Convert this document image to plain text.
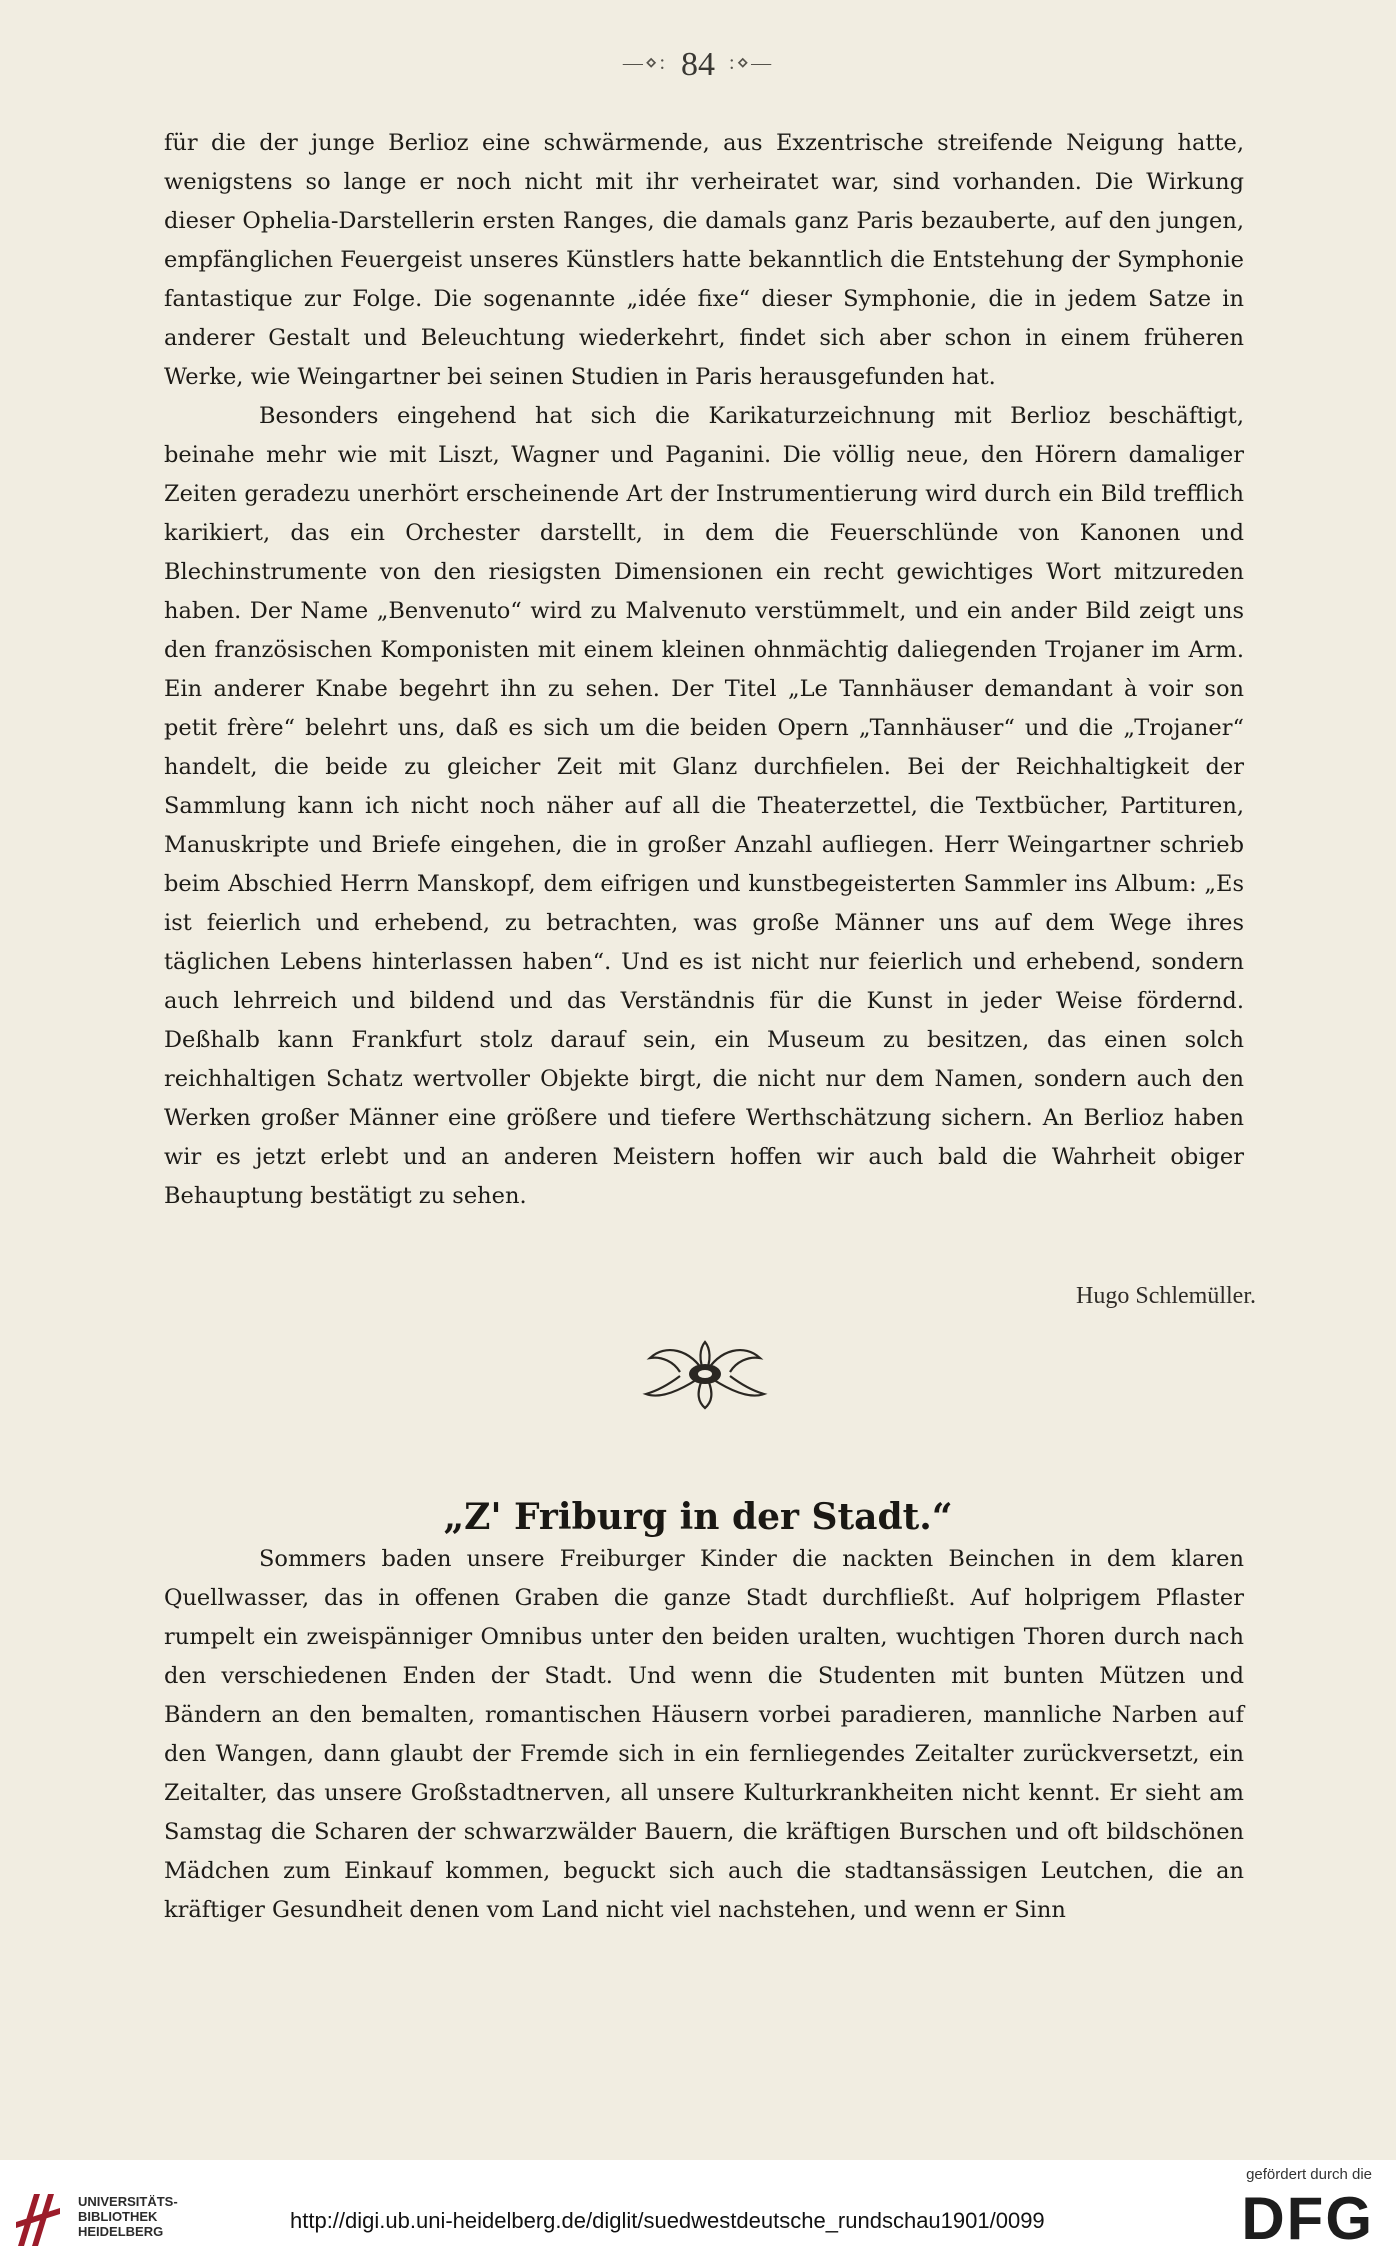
—⋄: 84 :⋄—

für die der junge Berlioz eine schwärmende, aus Exzentrische streifende Neigung hatte, wenigstens so lange er noch nicht mit ihr verheiratet war, sind vorhanden. Die Wirkung dieser Ophelia-Darstellerin ersten Ranges, die damals ganz Paris bezauberte, auf den jungen, empfänglichen Feuergeist unseres Künstlers hatte bekanntlich die Entstehung der Symphonie fantastique zur Folge. Die sogenannte „idée fixe“ dieser Symphonie, die in jedem Satze in anderer Gestalt und Beleuchtung wiederkehrt, findet sich aber schon in einem früheren Werke, wie Weingartner bei seinen Studien in Paris herausgefunden hat.

Besonders eingehend hat sich die Karikaturzeichnung mit Berlioz beschäftigt, beinahe mehr wie mit Liszt, Wagner und Paganini. Die völlig neue, den Hörern damaliger Zeiten geradezu unerhört erscheinende Art der Instrumentierung wird durch ein Bild trefflich karikiert, das ein Orchester darstellt, in dem die Feuerschlünde von Kanonen und Blechinstrumente von den riesigsten Dimensionen ein recht gewichtiges Wort mitzureden haben. Der Name „Benvenuto“ wird zu Malvenuto verstümmelt, und ein ander Bild zeigt uns den französischen Komponisten mit einem kleinen ohnmächtig daliegenden Trojaner im Arm. Ein anderer Knabe begehrt ihn zu sehen. Der Titel „Le Tannhäuser demandant à voir son petit frère“ belehrt uns, daß es sich um die beiden Opern „Tannhäuser“ und die „Trojaner“ handelt, die beide zu gleicher Zeit mit Glanz durchfielen. Bei der Reichhaltigkeit der Sammlung kann ich nicht noch näher auf all die Theaterzettel, die Textbücher, Partituren, Manuskripte und Briefe eingehen, die in großer Anzahl aufliegen. Herr Weingartner schrieb beim Abschied Herrn Manskopf, dem eifrigen und kunstbegeisterten Sammler ins Album: „Es ist feierlich und erhebend, zu betrachten, was große Männer uns auf dem Wege ihres täglichen Lebens hinterlassen haben“. Und es ist nicht nur feierlich und erhebend, sondern auch lehrreich und bildend und das Verständnis für die Kunst in jeder Weise fördernd. Deßhalb kann Frankfurt stolz darauf sein, ein Museum zu besitzen, das einen solch reichhaltigen Schatz wertvoller Objekte birgt, die nicht nur dem Namen, sondern auch den Werken großer Männer eine größere und tiefere Werthschätzung sichern. An Berlioz haben wir es jetzt erlebt und an anderen Meistern hoffen wir auch bald die Wahrheit obiger Behauptung bestätigt zu sehen.

Hugo Schlemüller.
„Z' Friburg in der Stadt.“

Sommers baden unsere Freiburger Kinder die nackten Beinchen in dem klaren Quellwasser, das in offenen Graben die ganze Stadt durchfließt. Auf holprigem Pflaster rumpelt ein zweispänniger Omnibus unter den beiden uralten, wuchtigen Thoren durch nach den verschiedenen Enden der Stadt. Und wenn die Studenten mit bunten Mützen und Bändern an den bemalten, romantischen Häusern vorbei paradieren, mannliche Narben auf den Wangen, dann glaubt der Fremde sich in ein fernliegendes Zeitalter zurückversetzt, ein Zeitalter, das unsere Großstadtnerven, all unsere Kulturkrankheiten nicht kennt. Er sieht am Samstag die Scharen der schwarzwälder Bauern, die kräftigen Burschen und oft bildschönen Mädchen zum Einkauf kommen, beguckt sich auch die stadtansässigen Leutchen, die an kräftiger Gesundheit denen vom Land nicht viel nachstehen, und wenn er Sinn

UNIVERSITÄTS-
BIBLIOTHEK
HEIDELBERG	http://digi.ub.uni-heidelberg.de/diglit/suedwestdeutsche_rundschau1901/0099
gefördert durch die
DFG
